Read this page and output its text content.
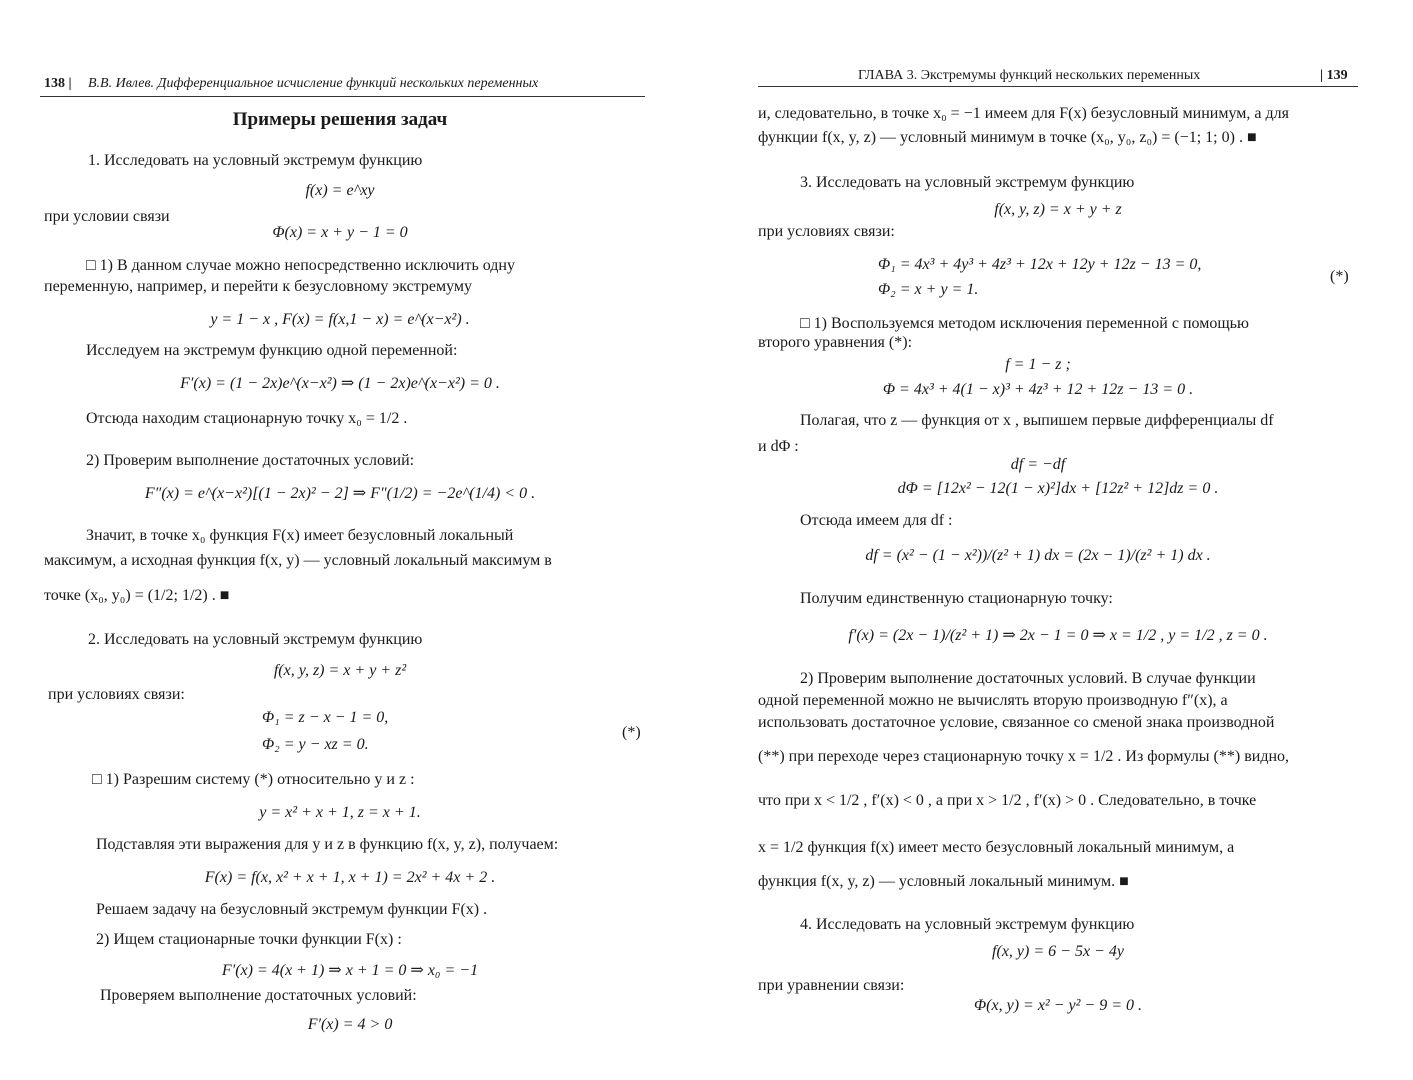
138 | В.В. Ивлев. Дифференциальное исчисление функций нескольких переменных
Примеры решения задач
1. Исследовать на условный экстремум функцию
f(x) = e^xy
при условии связи
Φ(x) = x + y − 1 = 0
□ 1) В данном случае можно непосредственно исключить одну
переменную, например, и перейти к безусловному экстремуму
y = 1 − x , F(x) = f(x,1 − x) = e^(x−x²) .
Исследуем на экстремум функцию одной переменной:
F′(x) = (1 − 2x)e^(x−x²) ⇒ (1 − 2x)e^(x−x²) = 0 .
Отсюда находим стационарную точку x₀ = 1/2 .
2) Проверим выполнение достаточных условий:
F″(x) = e^(x−x²)[(1 − 2x)² − 2] ⇒ F″(1/2) = −2e^(1/4) < 0 .
Значит, в точке x₀ функция F(x) имеет безусловный локальный
максимум, а исходная функция f(x, y) — условный локальный максимум в
точке (x₀, y₀) = (1/2; 1/2) . ■
2. Исследовать на условный экстремум функцию
f(x, y, z) = x + y + z²
при условиях связи:
Φ₁ = z − x − 1 = 0,
Φ₂ = y − xz = 0.
(*)
□ 1) Разрешим систему (*) относительно y и z :
y = x² + x + 1, z = x + 1.
Подставляя эти выражения для y и z в функцию f(x, y, z), получаем:
F(x) = f(x, x² + x + 1, x + 1) = 2x² + 4x + 2 .
Решаем задачу на безусловный экстремум функции F(x) .
2) Ищем стационарные точки функции F(x) :
F′(x) = 4(x + 1) ⇒ x + 1 = 0 ⇒ x₀ = −1
Проверяем выполнение достаточных условий:
F′(x) = 4 > 0
ГЛАВА 3. Экстремумы функций нескольких переменных	| 139
и, следовательно, в точке x₀ = −1 имеем для F(x) безусловный минимум, а для
функции f(x, y, z) — условный минимум в точке (x₀, y₀, z₀) = (−1; 1; 0) . ■
3. Исследовать на условный экстремум функцию
f(x, y, z) = x + y + z
при условиях связи:
Φ₁ = 4x³ + 4y³ + 4z³ + 12x + 12y + 12z − 13 = 0,
Φ₂ = x + y = 1.
(*)
□ 1) Воспользуемся методом исключения переменной с помощью
второго уравнения (*):
f = 1 − z ;
Φ = 4x³ + 4(1 − x)³ + 4z³ + 12 + 12z − 13 = 0 .
Полагая, что z — функция от x , выпишем первые дифференциалы df
и dΦ :
df = −df
dΦ = [12x² − 12(1 − x)²]dx + [12z² + 12]dz = 0 .
Отсюда имеем для df :
df = (x² − (1 − x²))/(z² + 1) dx = (2x − 1)/(z² + 1) dx .
Получим единственную стационарную точку:
f′(x) = (2x − 1)/(z² + 1) ⇒ 2x − 1 = 0 ⇒ x = 1/2 , y = 1/2 , z = 0 .
2) Проверим выполнение достаточных условий. В случае функции
одной переменной можно не вычислять вторую производную f″(x), а
использовать достаточное условие, связанное со сменой знака производной
(**) при переходе через стационарную точку x = 1/2 . Из формулы (**) видно,
что при x < 1/2 , f′(x) < 0 , а при x > 1/2 , f′(x) > 0 . Следовательно, в точке
x = 1/2 функция f(x) имеет место безусловный локальный минимум, а
функция f(x, y, z) — условный локальный минимум. ■
4. Исследовать на условный экстремум функцию
f(x, y) = 6 − 5x − 4y
при уравнении связи:
Φ(x, y) = x² − y² − 9 = 0 .
